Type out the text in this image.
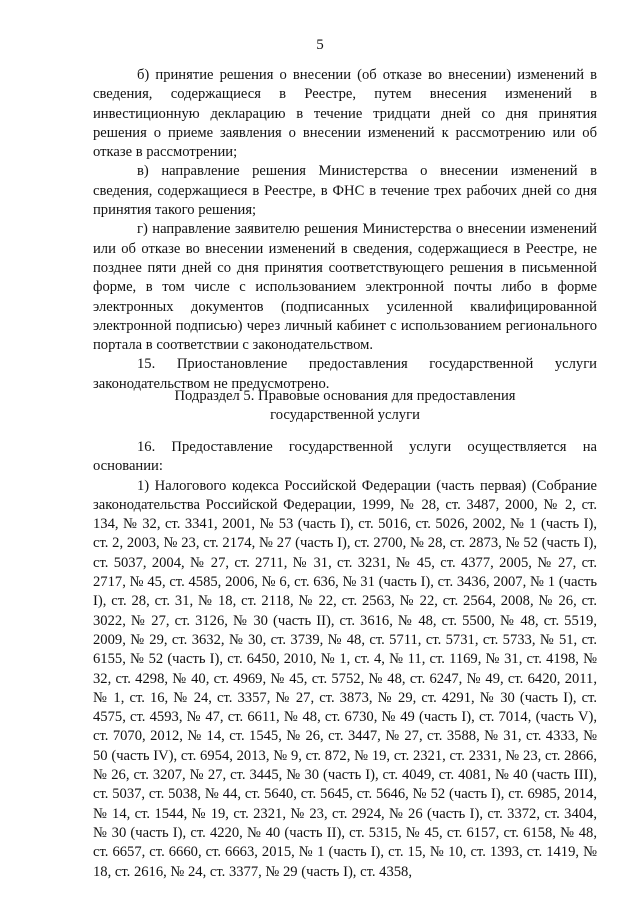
5

б) принятие решения о внесении (об отказе во внесении) изменений в сведения, содержащиеся в Реестре, путем внесения изменений в инвестиционную декларацию в течение тридцати дней со дня принятия решения о приеме заявления о внесении изменений к рассмотрению или об отказе в рассмотрении;

в) направление решения Министерства о внесении изменений в сведения, содержащиеся в Реестре, в ФНС в течение трех рабочих дней со дня принятия такого решения;

г) направление заявителю решения Министерства о внесении изменений или об отказе во внесении изменений в сведения, содержащиеся в Реестре, не позднее пяти дней со дня принятия соответствующего решения в письменной форме, в том числе с использованием электронной почты либо в форме электронных документов (подписанных усиленной квалифицированной электронной подписью) через личный кабинет с использованием регионального портала в соответствии с законодательством.

15. Приостановление предоставления государственной услуги законодательством не предусмотрено.

Подраздел 5. Правовые основания для предоставления
государственной услуги

16. Предоставление государственной услуги осуществляется на основании:

1) Налогового кодекса Российской Федерации (часть первая) (Собрание законодательства Российской Федерации, 1999, № 28, ст. 3487, 2000, № 2, ст. 134, № 32, ст. 3341, 2001, № 53 (часть I), ст. 5016, ст. 5026, 2002, № 1 (часть I), ст. 2, 2003, № 23, ст. 2174, № 27 (часть I), ст. 2700, № 28, ст. 2873, № 52 (часть I), ст. 5037, 2004, № 27, ст. 2711, № 31, ст. 3231, № 45, ст. 4377, 2005, № 27, ст. 2717, № 45, ст. 4585, 2006, № 6, ст. 636, № 31 (часть I), ст. 3436, 2007, № 1 (часть I), ст. 28, ст. 31, № 18, ст. 2118, № 22, ст. 2563, № 22, ст. 2564, 2008, № 26, ст. 3022, № 27, ст. 3126, № 30 (часть II), ст. 3616, № 48, ст. 5500, № 48, ст. 5519, 2009, № 29, ст. 3632, № 30, ст. 3739, № 48, ст. 5711, ст. 5731, ст. 5733, № 51, ст. 6155, № 52 (часть I), ст. 6450, 2010, № 1, ст. 4, № 11, ст. 1169, № 31, ст. 4198, № 32, ст. 4298, № 40, ст. 4969, № 45, ст. 5752, № 48, ст. 6247, № 49, ст. 6420, 2011, № 1, ст. 16, № 24, ст. 3357, № 27, ст. 3873, № 29, ст. 4291, № 30 (часть I), ст. 4575, ст. 4593, № 47, ст. 6611, № 48, ст. 6730, № 49 (часть I), ст. 7014, (часть V), ст. 7070, 2012, № 14, ст. 1545, № 26, ст. 3447, № 27, ст. 3588, № 31, ст. 4333, № 50 (часть IV), ст. 6954, 2013, № 9, ст. 872, № 19, ст. 2321, ст. 2331, № 23, ст. 2866, № 26, ст. 3207, № 27, ст. 3445, № 30 (часть I), ст. 4049, ст. 4081, № 40 (часть III), ст. 5037, ст. 5038, № 44, ст. 5640, ст. 5645, ст. 5646, № 52 (часть I), ст. 6985, 2014, № 14, ст. 1544, № 19, ст. 2321, № 23, ст. 2924, № 26 (часть I), ст. 3372, ст. 3404, № 30 (часть I), ст. 4220, № 40 (часть II), ст. 5315, № 45, ст. 6157, ст. 6158, № 48, ст. 6657, ст. 6660, ст. 6663, 2015, № 1 (часть I), ст. 15, № 10, ст. 1393, ст. 1419, № 18, ст. 2616, № 24, ст. 3377, № 29 (часть I), ст. 4358,
